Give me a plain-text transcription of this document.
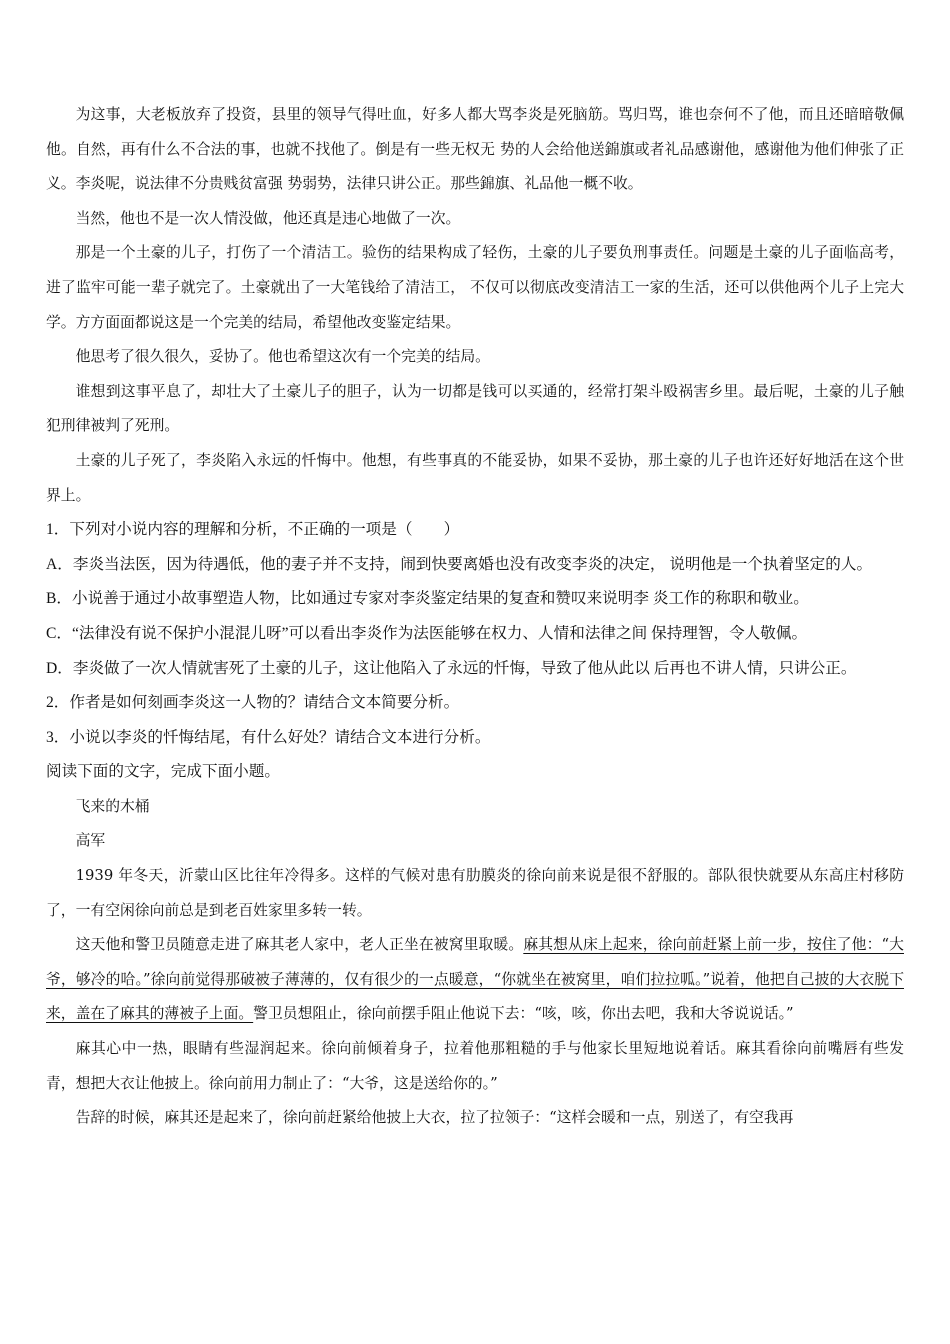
为这事，大老板放弃了投资，县里的领导气得吐血，好多人都大骂李炎是死脑筋。骂归骂，谁也奈何不了他，而且还暗暗敬佩他。自然，再有什么不合法的事，也就不找他了。倒是有一些无权无 势的人会给他送錦旗或者礼品感谢他，感谢他为他们伸张了正义。李炎呢，说法律不分贵贱贫富强 势弱势，法律只讲公正。那些錦旗、礼品他一概不收。

当然，他也不是一次人情没做，他还真是违心地做了一次。

那是一个土豪的儿子，打伤了一个清洁工。验伤的结果构成了轻伤，土豪的儿子要负刑事责任。问题是土豪的儿子面临高考，进了监牢可能一辈子就完了。土豪就出了一大笔钱给了清洁工， 不仅可以彻底改变清洁工一家的生活，还可以供他两个儿子上完大学。方方面面都说这是一个完美的结局，希望他改变鉴定结果。

他思考了很久很久，妥协了。他也希望这次有一个完美的结局。

谁想到这事平息了，却壮大了土豪儿子的胆子，认为一切都是钱可以买通的，经常打架斗殴祸害乡里。最后呢，土豪的儿子触犯刑律被判了死刑。

土豪的儿子死了，李炎陷入永远的忏悔中。他想，有些事真的不能妥协，如果不妥协，那土豪的儿子也许还好好地活在这个世界上。

1．下列对小说内容的理解和分析，不正确的一项是（　　）

A．李炎当法医，因为待遇低，他的妻子并不支持，闹到快要离婚也没有改变李炎的决定， 说明他是一个执着坚定的人。

B．小说善于通过小故事塑造人物，比如通过专家对李炎鉴定结果的复查和赞叹来说明李 炎工作的称职和敬业。

C．“法律没有说不保护小混混儿呀”可以看出李炎作为法医能够在权力、人情和法律之间 保持理智，令人敬佩。

D．李炎做了一次人情就害死了土豪的儿子，这让他陷入了永远的忏悔，导致了他从此以 后再也不讲人情，只讲公正。

2．作者是如何刻画李炎这一人物的？请结合文本简要分析。

3．小说以李炎的忏悔结尾，有什么好处？请结合文本进行分析。

阅读下面的文字，完成下面小题。

飞来的木桶

高军

1939 年冬天，沂蒙山区比往年冷得多。这样的气候对患有肋膜炎的徐向前来说是很不舒服的。部队很快就要从东高庄村移防了，一有空闲徐向前总是到老百姓家里多转一转。

这天他和警卫员随意走进了麻其老人家中，老人正坐在被窝里取暖。麻其想从床上起来，徐向前赶紧上前一步，按住了他：“大爷，够冷的哈。”徐向前觉得那破被子薄薄的，仅有很少的一点暖意，“你就坐在被窝里，咱们拉拉呱。”说着，他把自己披的大衣脱下来，盖在了麻其的薄被子上面。警卫员想阻止，徐向前摆手阻止他说下去：“咳，咳，你出去吧，我和大爷说说话。”

麻其心中一热，眼睛有些湿润起来。徐向前倾着身子，拉着他那粗糙的手与他家长里短地说着话。麻其看徐向前嘴唇有些发青，想把大衣让他披上。徐向前用力制止了：“大爷，这是送给你的。”

告辞的时候，麻其还是起来了，徐向前赶紧给他披上大衣，拉了拉领子：“这样会暖和一点，别送了，有空我再
